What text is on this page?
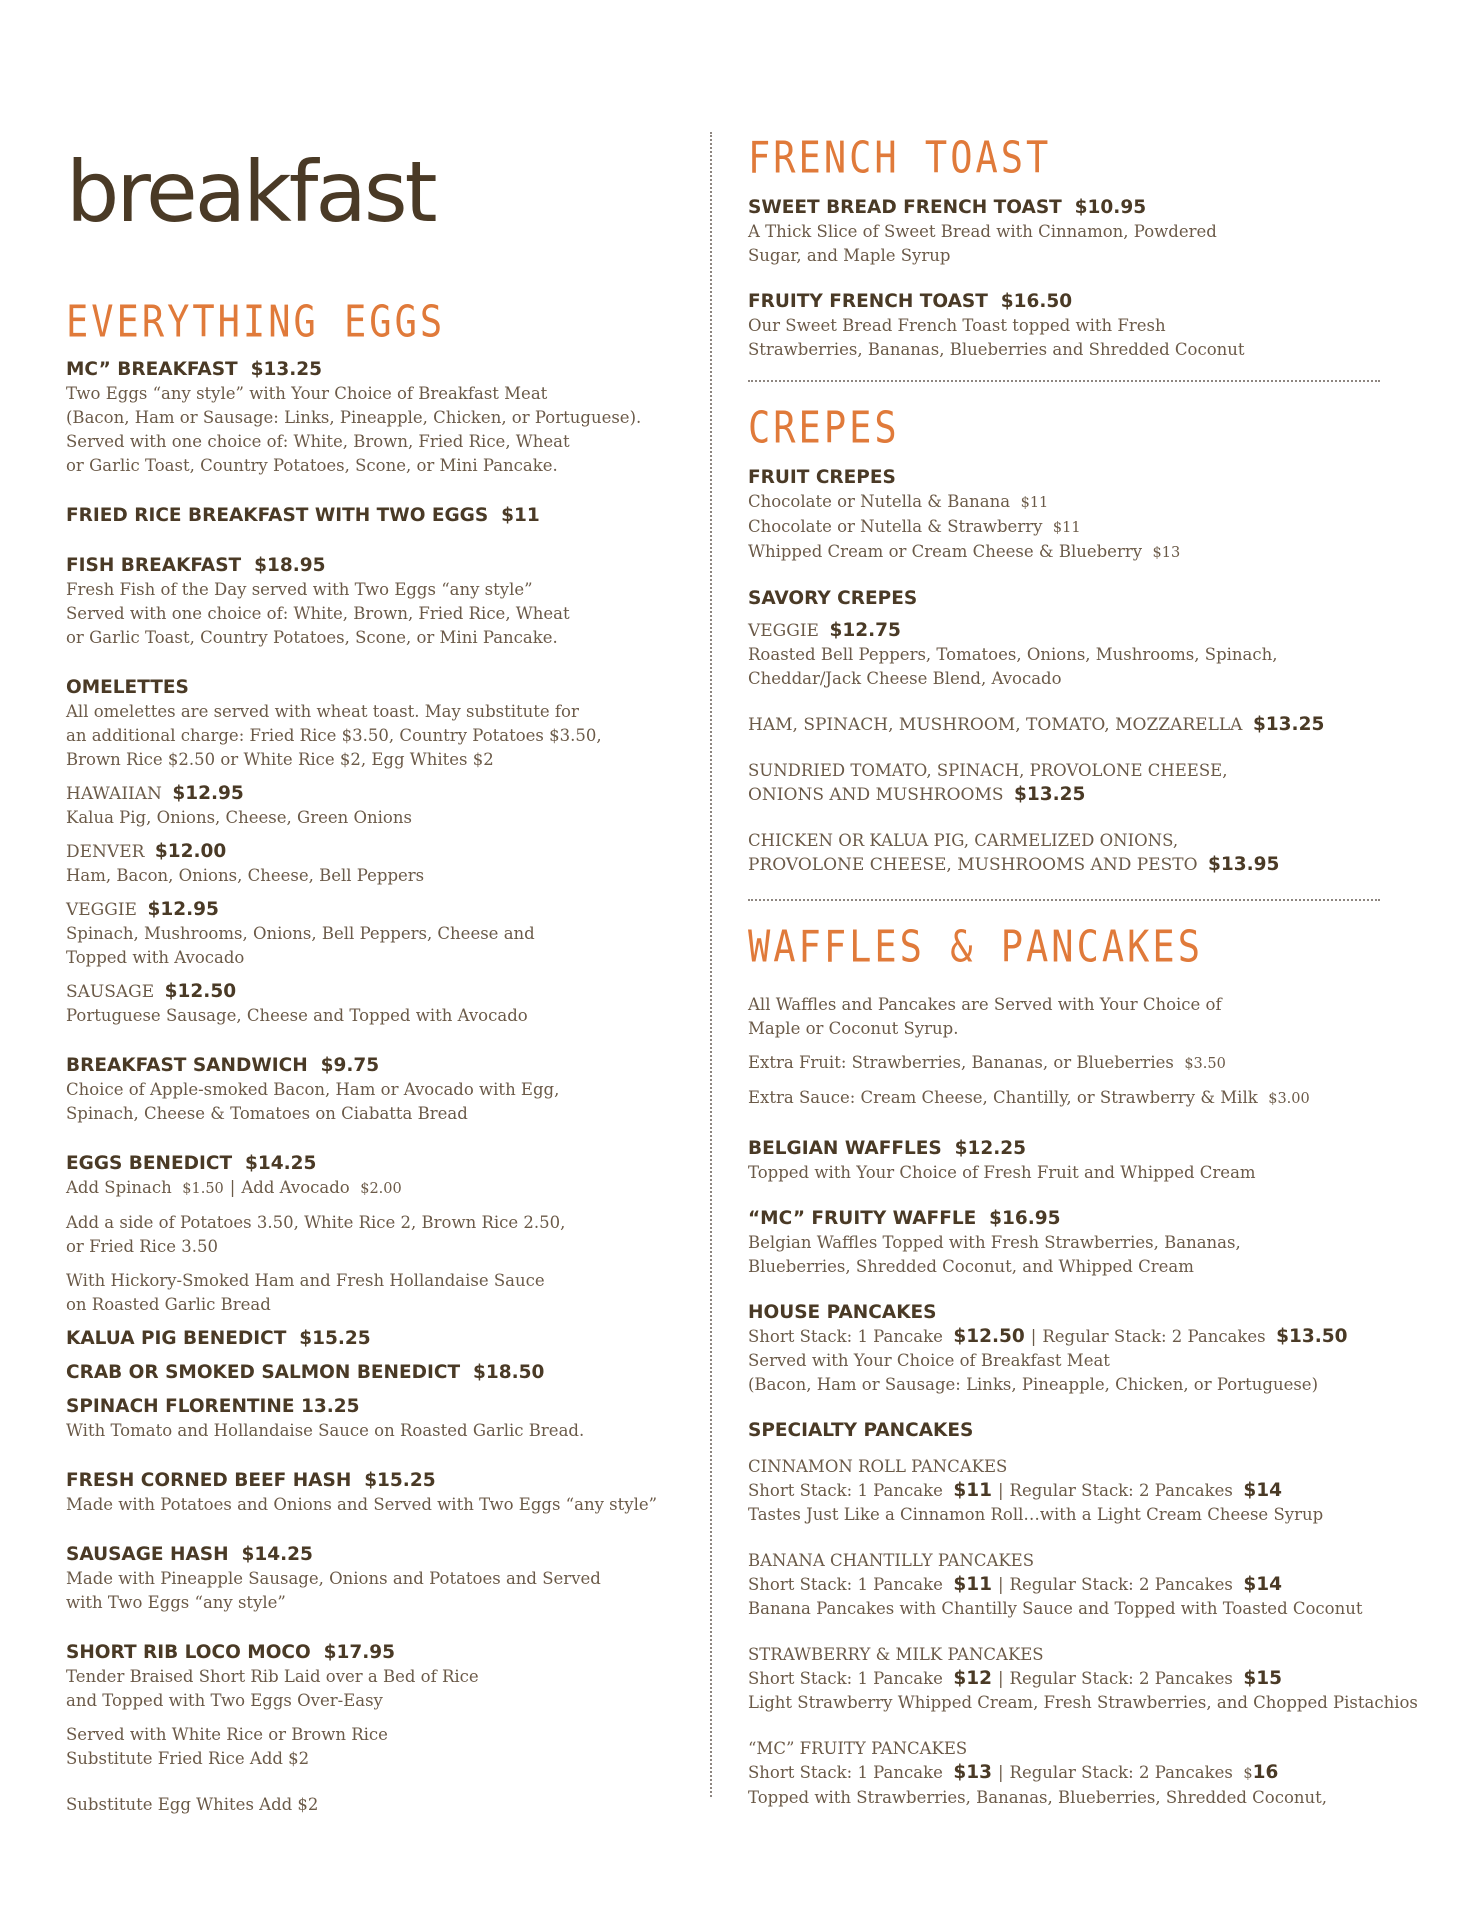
breakfast
EVERYTHING EGGS
MC” BREAKFAST $13.25
Two Eggs “any style” with Your Choice of Breakfast Meat
(Bacon, Ham or Sausage: Links, Pineapple, Chicken, or Portuguese).
Served with one choice of: White, Brown, Fried Rice, Wheat
or Garlic Toast, Country Potatoes, Scone, or Mini Pancake.
FRIED RICE BREAKFAST WITH TWO EGGS $11
FISH BREAKFAST $18.95
Fresh Fish of the Day served with Two Eggs “any style”
Served with one choice of: White, Brown, Fried Rice, Wheat
or Garlic Toast, Country Potatoes, Scone, or Mini Pancake.
OMELETTES
All omelettes are served with wheat toast. May substitute for
an additional charge: Fried Rice $3.50, Country Potatoes $3.50,
Brown Rice $2.50 or White Rice $2, Egg Whites $2
HAWAIIAN $12.95
Kalua Pig, Onions, Cheese, Green Onions
DENVER $12.00
Ham, Bacon, Onions, Cheese, Bell Peppers
VEGGIE $12.95
Spinach, Mushrooms, Onions, Bell Peppers, Cheese and
Topped with Avocado
SAUSAGE $12.50
Portuguese Sausage, Cheese and Topped with Avocado
BREAKFAST SANDWICH $9.75
Choice of Apple-smoked Bacon, Ham or Avocado with Egg,
Spinach, Cheese & Tomatoes on Ciabatta Bread
EGGS BENEDICT $14.25
Add Spinach $1.50 | Add Avocado $2.00
Add a side of Potatoes 3.50, White Rice 2, Brown Rice 2.50,
or Fried Rice 3.50
With Hickory-Smoked Ham and Fresh Hollandaise Sauce
on Roasted Garlic Bread
KALUA PIG BENEDICT $15.25
CRAB OR SMOKED SALMON BENEDICT $18.50
SPINACH FLORENTINE 13.25
With Tomato and Hollandaise Sauce on Roasted Garlic Bread.
FRESH CORNED BEEF HASH $15.25
Made with Potatoes and Onions and Served with Two Eggs “any style”
SAUSAGE HASH $14.25
Made with Pineapple Sausage, Onions and Potatoes and Served
with Two Eggs “any style”
SHORT RIB LOCO MOCO $17.95
Tender Braised Short Rib Laid over a Bed of Rice
and Topped with Two Eggs Over-Easy
Served with White Rice or Brown Rice
Substitute Fried Rice Add $2
Substitute Egg Whites Add $2
FRENCH TOAST
SWEET BREAD FRENCH TOAST $10.95
A Thick Slice of Sweet Bread with Cinnamon, Powdered
Sugar, and Maple Syrup
FRUITY FRENCH TOAST $16.50
Our Sweet Bread French Toast topped with Fresh
Strawberries, Bananas, Blueberries and Shredded Coconut
CREPES
FRUIT CREPES
Chocolate or Nutella & Banana $11
Chocolate or Nutella & Strawberry $11
Whipped Cream or Cream Cheese & Blueberry $13
SAVORY CREPES
VEGGIE $12.75
Roasted Bell Peppers, Tomatoes, Onions, Mushrooms, Spinach,
Cheddar/Jack Cheese Blend, Avocado
HAM, SPINACH, MUSHROOM, TOMATO, MOZZARELLA $13.25
SUNDRIED TOMATO, SPINACH, PROVOLONE CHEESE,
ONIONS AND MUSHROOMS $13.25
CHICKEN OR KALUA PIG, CARMELIZED ONIONS,
PROVOLONE CHEESE, MUSHROOMS AND PESTO $13.95
WAFFLES & PANCAKES
All Waffles and Pancakes are Served with Your Choice of
Maple or Coconut Syrup.
Extra Fruit: Strawberries, Bananas, or Blueberries $3.50
Extra Sauce: Cream Cheese, Chantilly, or Strawberry & Milk $3.00
BELGIAN WAFFLES $12.25
Topped with Your Choice of Fresh Fruit and Whipped Cream
“MC” FRUITY WAFFLE $16.95
Belgian Waffles Topped with Fresh Strawberries, Bananas,
Blueberries, Shredded Coconut, and Whipped Cream
HOUSE PANCAKES
Short Stack: 1 Pancake $12.50 | Regular Stack: 2 Pancakes $13.50
Served with Your Choice of Breakfast Meat
(Bacon, Ham or Sausage: Links, Pineapple, Chicken, or Portuguese)
SPECIALTY PANCAKES
CINNAMON ROLL PANCAKES
Short Stack: 1 Pancake $11 | Regular Stack: 2 Pancakes $14
Tastes Just Like a Cinnamon Roll…with a Light Cream Cheese Syrup
BANANA CHANTILLY PANCAKES
Short Stack: 1 Pancake $11 | Regular Stack: 2 Pancakes $14
Banana Pancakes with Chantilly Sauce and Topped with Toasted Coconut
STRAWBERRY & MILK PANCAKES
Short Stack: 1 Pancake $12 | Regular Stack: 2 Pancakes $15
Light Strawberry Whipped Cream, Fresh Strawberries, and Chopped Pistachios
“MC” FRUITY PANCAKES
Short Stack: 1 Pancake $13 | Regular Stack: 2 Pancakes $16
Topped with Strawberries, Bananas, Blueberries, Shredded Coconut,
